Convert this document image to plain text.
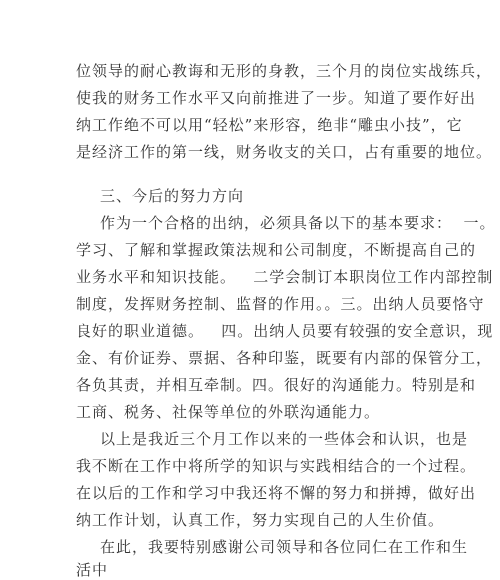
位领导的耐心教诲和无形的身教，三个月的岗位实战练兵，
使我的财务工作水平又向前推进了一步。知道了要作好出
纳工作绝不可以用“轻松”来形容，绝非“雕虫小技”，它
是经济工作的第一线，财务收支的关口，占有重要的地位。
三、今后的努力方向
作为一个合格的出纳，必须具备以下的基本要求：  一。
学习、了解和掌握政策法规和公司制度，不断提高自己的
业务水平和知识技能。   二学会制订本职岗位工作内部控制
制度，发挥财务控制、监督的作用。。三。出纳人员要恪守
良好的职业道德。   四。出纳人员要有较强的安全意识，现
金、有价证券、票据、各种印鉴，既要有内部的保管分工，
各负其责，并相互牵制。四。很好的沟通能力。特别是和
工商、税务、社保等单位的外联沟通能力。
以上是我近三个月工作以来的一些体会和认识，也是
我不断在工作中将所学的知识与实践相结合的一个过程。
在以后的工作和学习中我还将不懈的努力和拼搏，做好出
纳工作计划，认真工作，努力实现自己的人生价值。
在此，我要特别感谢公司领导和各位同仁在工作和生
活中
